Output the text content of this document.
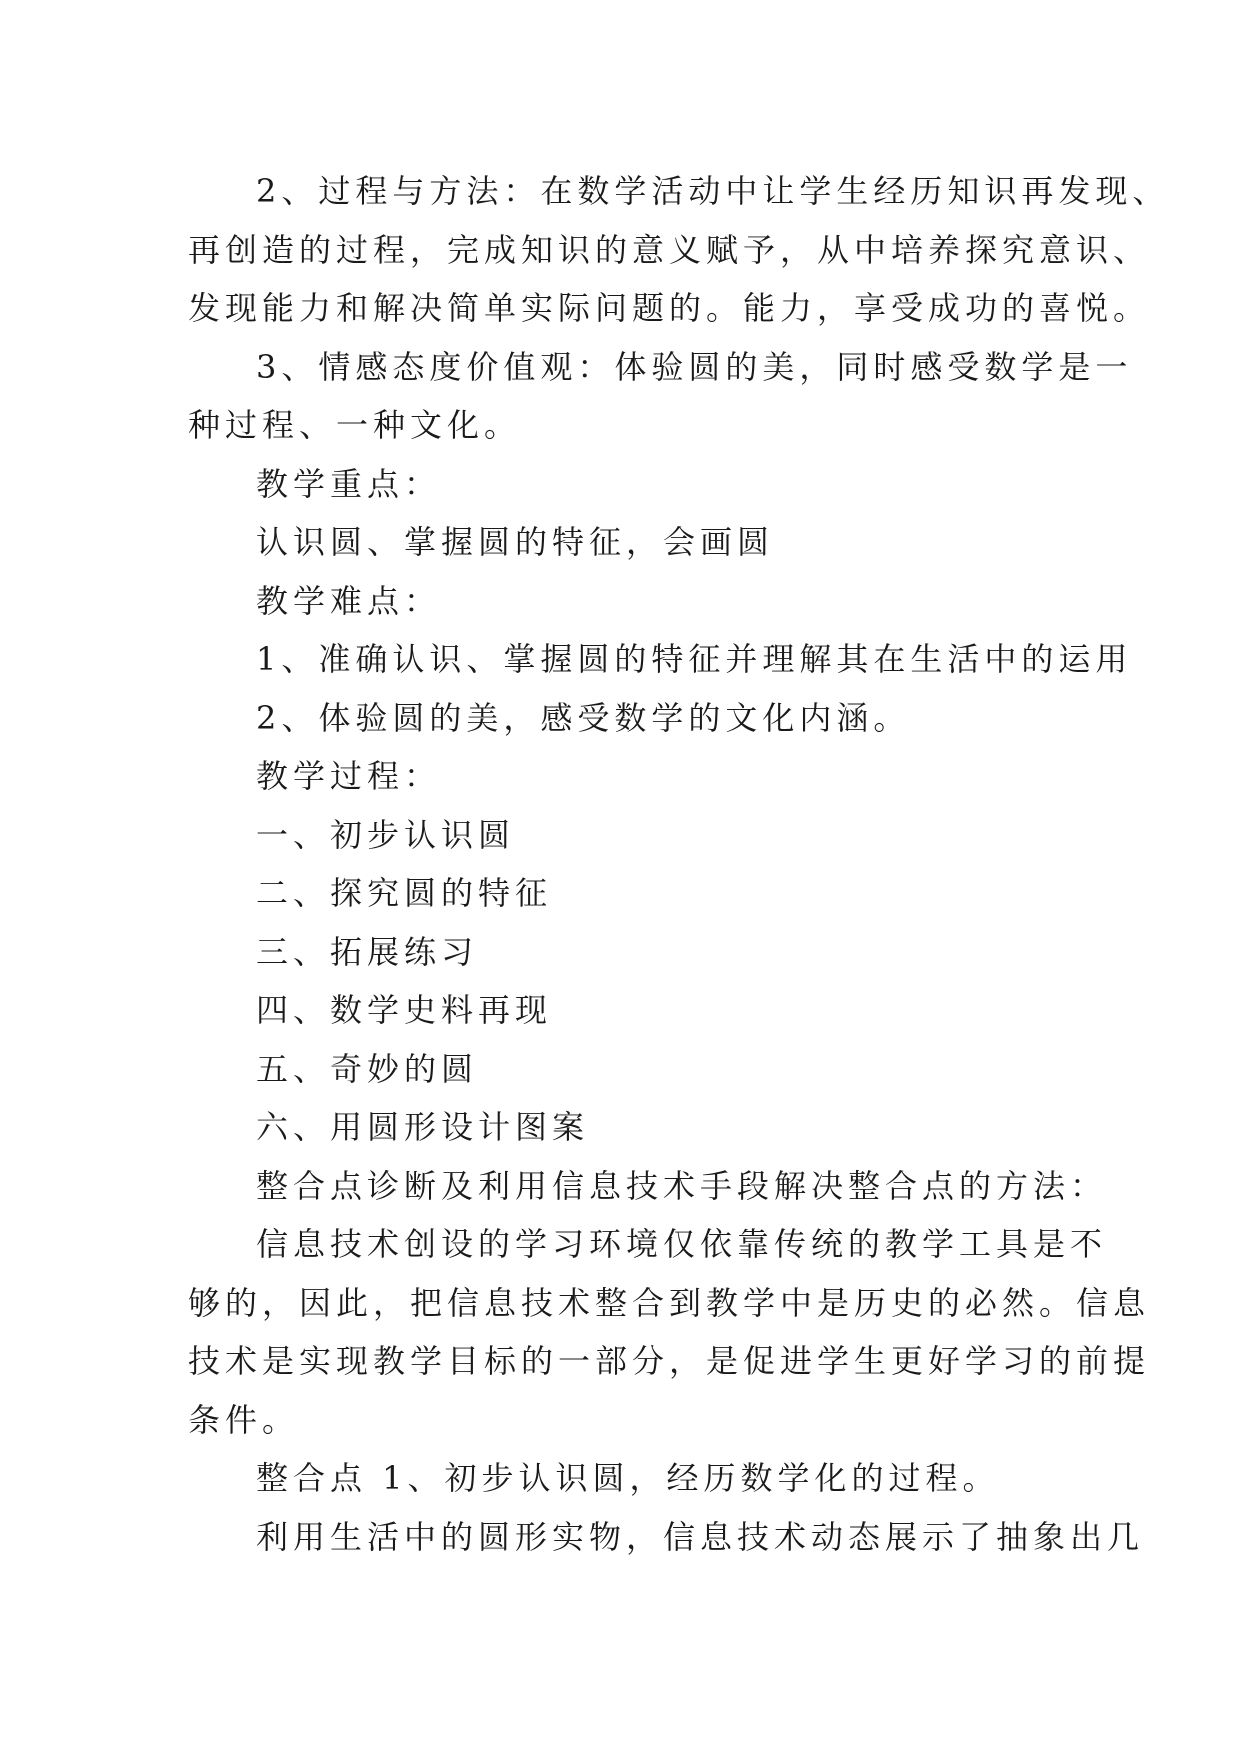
2、过程与方法：在数学活动中让学生经历知识再发现、
再创造的过程，完成知识的意义赋予，从中培养探究意识、
发现能力和解决简单实际问题的。能力，享受成功的喜悦。
3、情感态度价值观：体验圆的美，同时感受数学是一
种过程、一种文化。
教学重点：
认识圆、掌握圆的特征，会画圆
教学难点：
1、准确认识、掌握圆的特征并理解其在生活中的运用
2、体验圆的美，感受数学的文化内涵。
教学过程：
一、初步认识圆
二、探究圆的特征
三、拓展练习
四、数学史料再现
五、奇妙的圆
六、用圆形设计图案
整合点诊断及利用信息技术手段解决整合点的方法：
信息技术创设的学习环境仅依靠传统的教学工具是不
够的，因此，把信息技术整合到教学中是历史的必然。信息
技术是实现教学目标的一部分，是促进学生更好学习的前提
条件。
整合点 1、初步认识圆，经历数学化的过程。
利用生活中的圆形实物，信息技术动态展示了抽象出几
